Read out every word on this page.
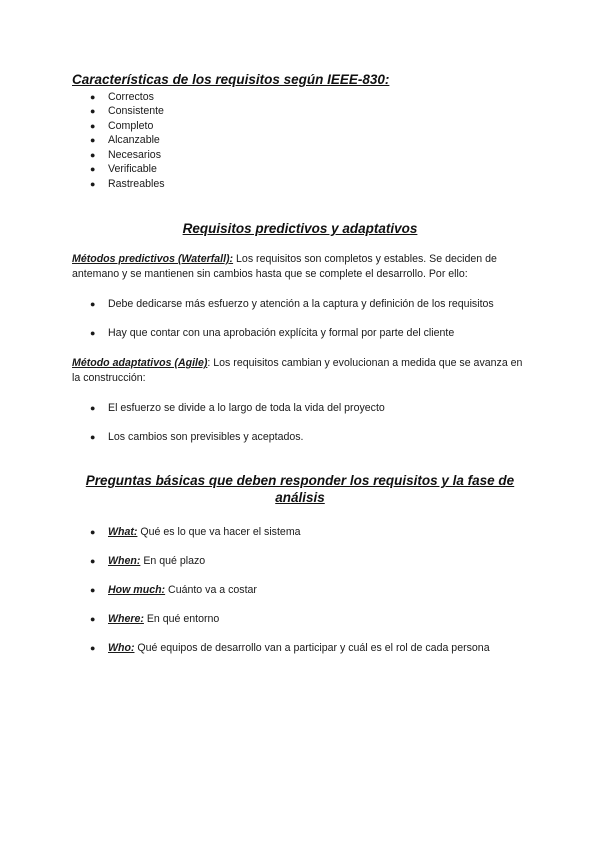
Características de los requisitos según IEEE-830:
● Correctos
● Consistente
● Completo
● Alcanzable
● Necesarios
● Verificable
● Rastreables
Requisitos predictivos y adaptativos
Métodos predictivos (Waterfall): Los requisitos son completos y estables. Se deciden de antemano y se mantienen sin cambios hasta que se complete el desarrollo. Por ello:
● Debe dedicarse más esfuerzo y atención a la captura y definición de los requisitos
● Hay que contar con una aprobación explícita y formal por parte del cliente
Método adaptativos (Agile): Los requisitos cambian y evolucionan a medida que se avanza en la construcción:
● El esfuerzo se divide a lo largo de toda la vida del proyecto
● Los cambios son previsibles y aceptados.
Preguntas básicas que deben responder los requisitos y la fase de análisis
● What: Qué es lo que va hacer el sistema
● When: En qué plazo
● How much: Cuánto va a costar
● Where: En qué entorno
● Who: Qué equipos de desarrollo van a participar y cuál es el rol de cada persona
